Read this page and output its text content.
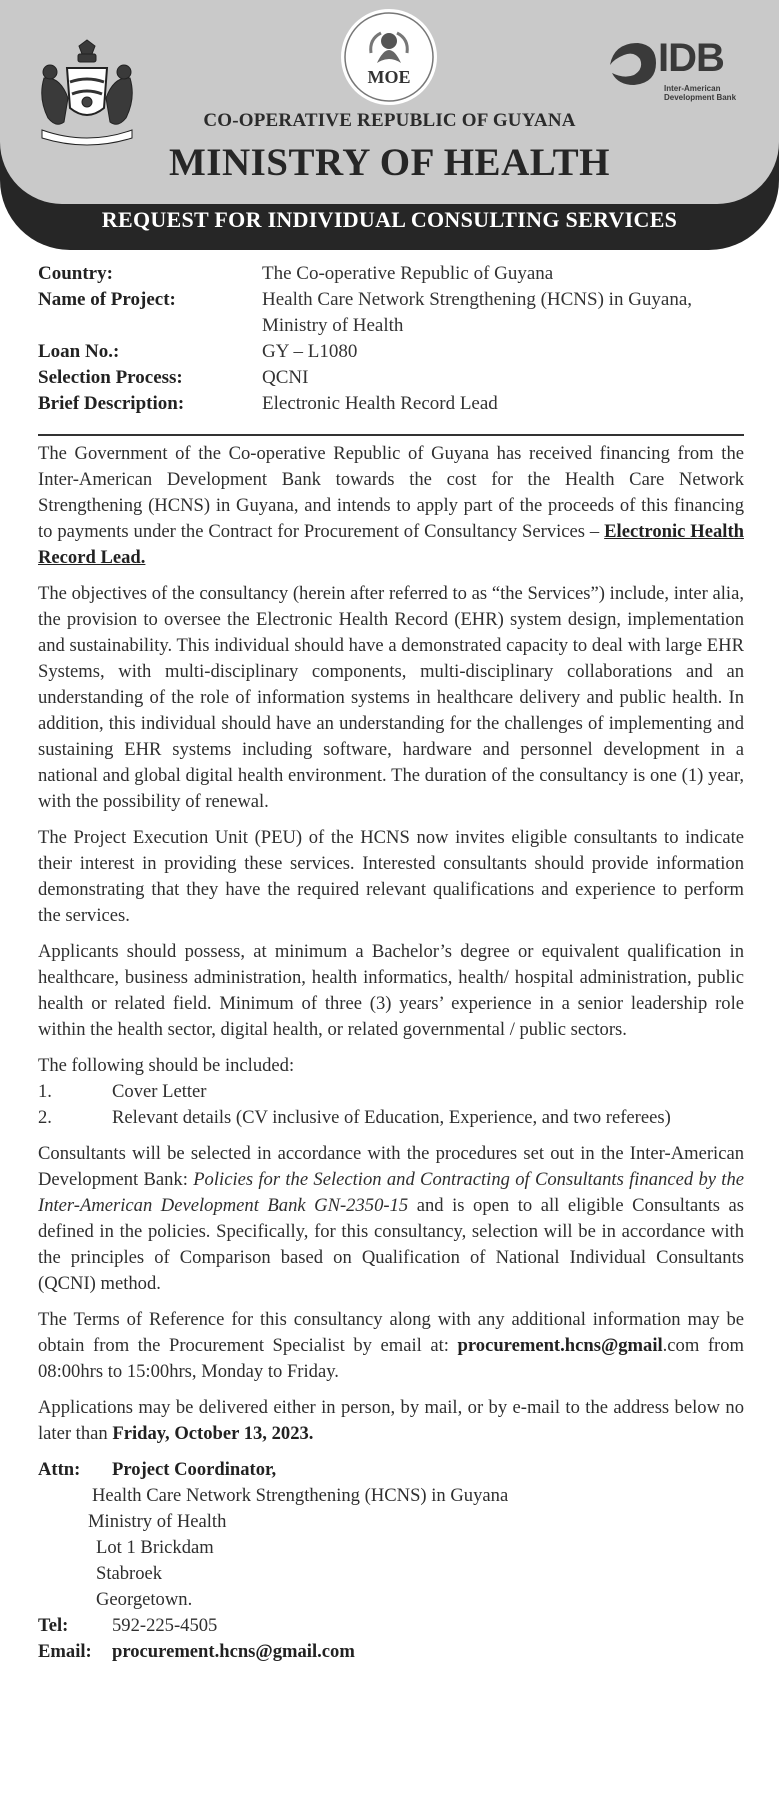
MOE	IDB
Inter-American Development Bank
CO-OPERATIVE REPUBLIC OF GUYANA
MINISTRY OF HEALTH
REQUEST FOR INDIVIDUAL CONSULTING SERVICES
Country:	The Co-operative Republic of Guyana
Name of Project:	Health Care Network Strengthening (HCNS) in Guyana, Ministry of Health
Loan No.:	GY – L1080
Selection Process:	QCNI
Brief Description:	Electronic Health Record Lead

The Government of the Co-operative Republic of Guyana has received financing from the Inter-American Development Bank towards the cost for the Health Care Network Strengthening (HCNS) in Guyana, and intends to apply part of the proceeds of this financing to payments under the Contract for Procurement of Consultancy Services – Electronic Health Record Lead.

The objectives of the consultancy (herein after referred to as “the Services”) include, inter alia, the provision to oversee the Electronic Health Record (EHR) system design, implementation and sustainability. This individual should have a demonstrated capacity to deal with large EHR Systems, with multi-disciplinary components, multi-disciplinary collaborations and an understanding of the role of information systems in healthcare delivery and public health. In addition, this individual should have an understanding for the challenges of implementing and sustaining EHR systems including software, hardware and personnel development in a national and global digital health environment. The duration of the consultancy is one (1) year, with the possibility of renewal.

The Project Execution Unit (PEU) of the HCNS now invites eligible consultants to indicate their interest in providing these services. Interested consultants should provide information demonstrating that they have the required relevant qualifications and experience to perform the services.

Applicants should possess, at minimum a Bachelor’s degree or equivalent qualification in healthcare, business administration, health informatics, health/ hospital administration, public health or related field. Minimum of three (3) years’ experience in a senior leadership role within the health sector, digital health, or related governmental / public sectors.

The following should be included:
1.	Cover Letter
2.	Relevant details (CV inclusive of Education, Experience, and two referees)

Consultants will be selected in accordance with the procedures set out in the Inter-American Development Bank: Policies for the Selection and Contracting of Consultants financed by the Inter-American Development Bank GN-2350-15 and is open to all eligible Consultants as defined in the policies. Specifically, for this consultancy, selection will be in accordance with the principles of Comparison based on Qualification of National Individual Consultants (QCNI) method.

The Terms of Reference for this consultancy along with any additional information may be obtain from the Procurement Specialist by email at: procurement.hcns@gmail.com from 08:00hrs to 15:00hrs, Monday to Friday.

Applications may be delivered either in person, by mail, or by e-mail to the address below no later than Friday, October 13, 2023.

Attn:	Project Coordinator,
Health Care Network Strengthening (HCNS) in Guyana
Ministry of Health
Lot 1 Brickdam
Stabroek
Georgetown.
Tel:	592-225-4505
Email:	procurement.hcns@gmail.com
